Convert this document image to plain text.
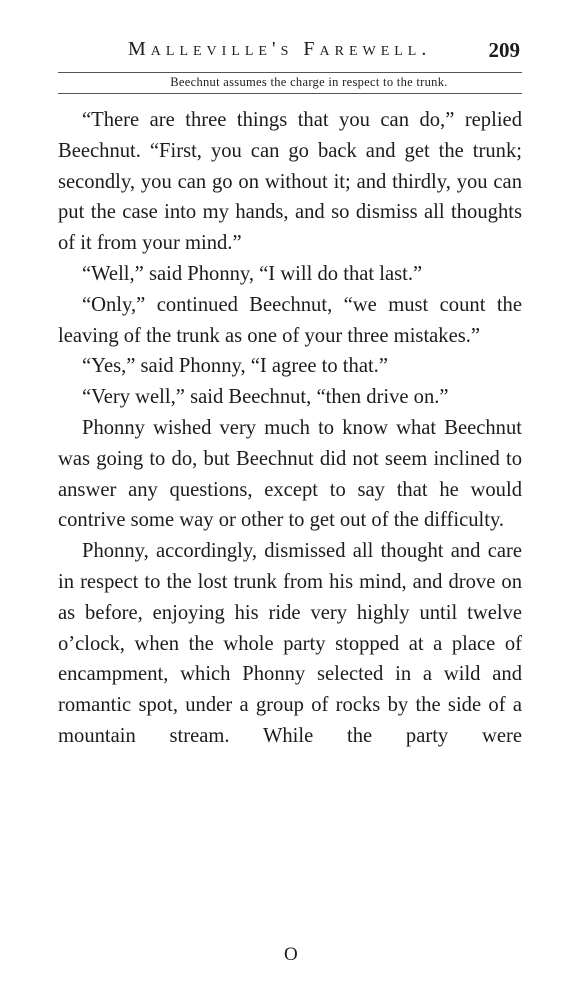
Malleville's Farewell.	209
Beechnut assumes the charge in respect to the trunk.

“There are three things that you can do,” replied Beechnut. “First, you can go back and get the trunk; secondly, you can go on without it; and thirdly, you can put the case into my hands, and so dismiss all thoughts of it from your mind.”

“Well,” said Phonny, “I will do that last.”

“Only,” continued Beechnut, “we must count the leaving of the trunk as one of your three mistakes.”

“Yes,” said Phonny, “I agree to that.”

“Very well,” said Beechnut, “then drive on.”

Phonny wished very much to know what Beechnut was going to do, but Beechnut did not seem inclined to answer any questions, except to say that he would contrive some way or other to get out of the difficulty.

Phonny, accordingly, dismissed all thought and care in respect to the lost trunk from his mind, and drove on as before, enjoying his ride very highly until twelve o’clock, when the whole party stopped at a place of encampment, which Phonny selected in a wild and romantic spot, under a group of rocks by the side of a mountain stream. While the party were

O
